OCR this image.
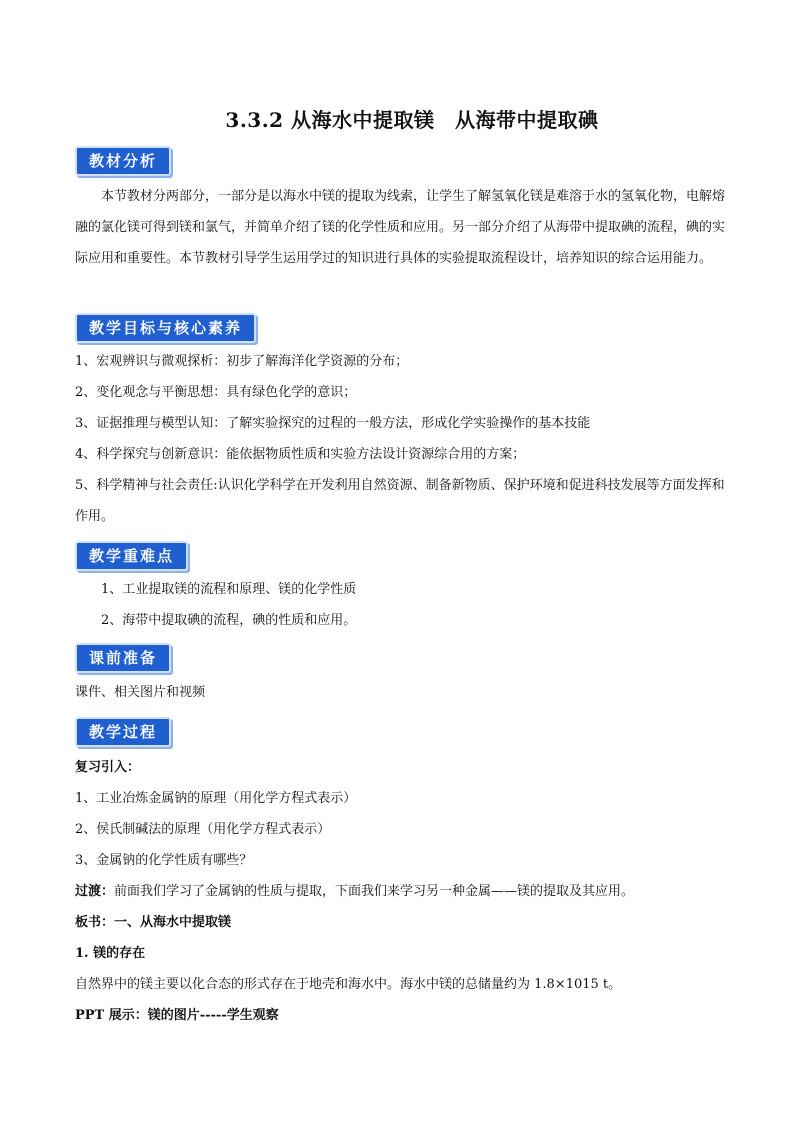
3.3.2 从海水中提取镁　从海带中提取碘
教材分析
本节教材分两部分，一部分是以海水中镁的提取为线索，让学生了解氢氧化镁是难溶于水的氢氧化物，电解熔融的氯化镁可得到镁和氯气，并简单介绍了镁的化学性质和应用。另一部分介绍了从海带中提取碘的流程，碘的实际应用和重要性。本节教材引导学生运用学过的知识进行具体的实验提取流程设计，培养知识的综合运用能力。
教学目标与核心素养
1、宏观辨识与微观探析：初步了解海洋化学资源的分布；
2、变化观念与平衡思想：具有绿色化学的意识；
3、证据推理与模型认知：了解实验探究的过程的一般方法，形成化学实验操作的基本技能
4、科学探究与创新意识：能依据物质性质和实验方法设计资源综合用的方案；
5、科学精神与社会责任:认识化学科学在开发利用自然资源、制备新物质、保护环境和促进科技发展等方面发挥和作用。
教学重难点
1、工业提取镁的流程和原理、镁的化学性质
2、海带中提取碘的流程，碘的性质和应用。
课前准备
课件、相关图片和视频
教学过程
复习引入：
1、工业冶炼金属钠的原理（用化学方程式表示）
2、侯氏制碱法的原理（用化学方程式表示）
3、金属钠的化学性质有哪些？
过渡：前面我们学习了金属钠的性质与提取，下面我们来学习另一种金属——镁的提取及其应用。
板书：一、从海水中提取镁
1. 镁的存在
自然界中的镁主要以化合态的形式存在于地壳和海水中。海水中镁的总储量约为 1.8×1015 t。
PPT 展示：镁的图片-----学生观察
